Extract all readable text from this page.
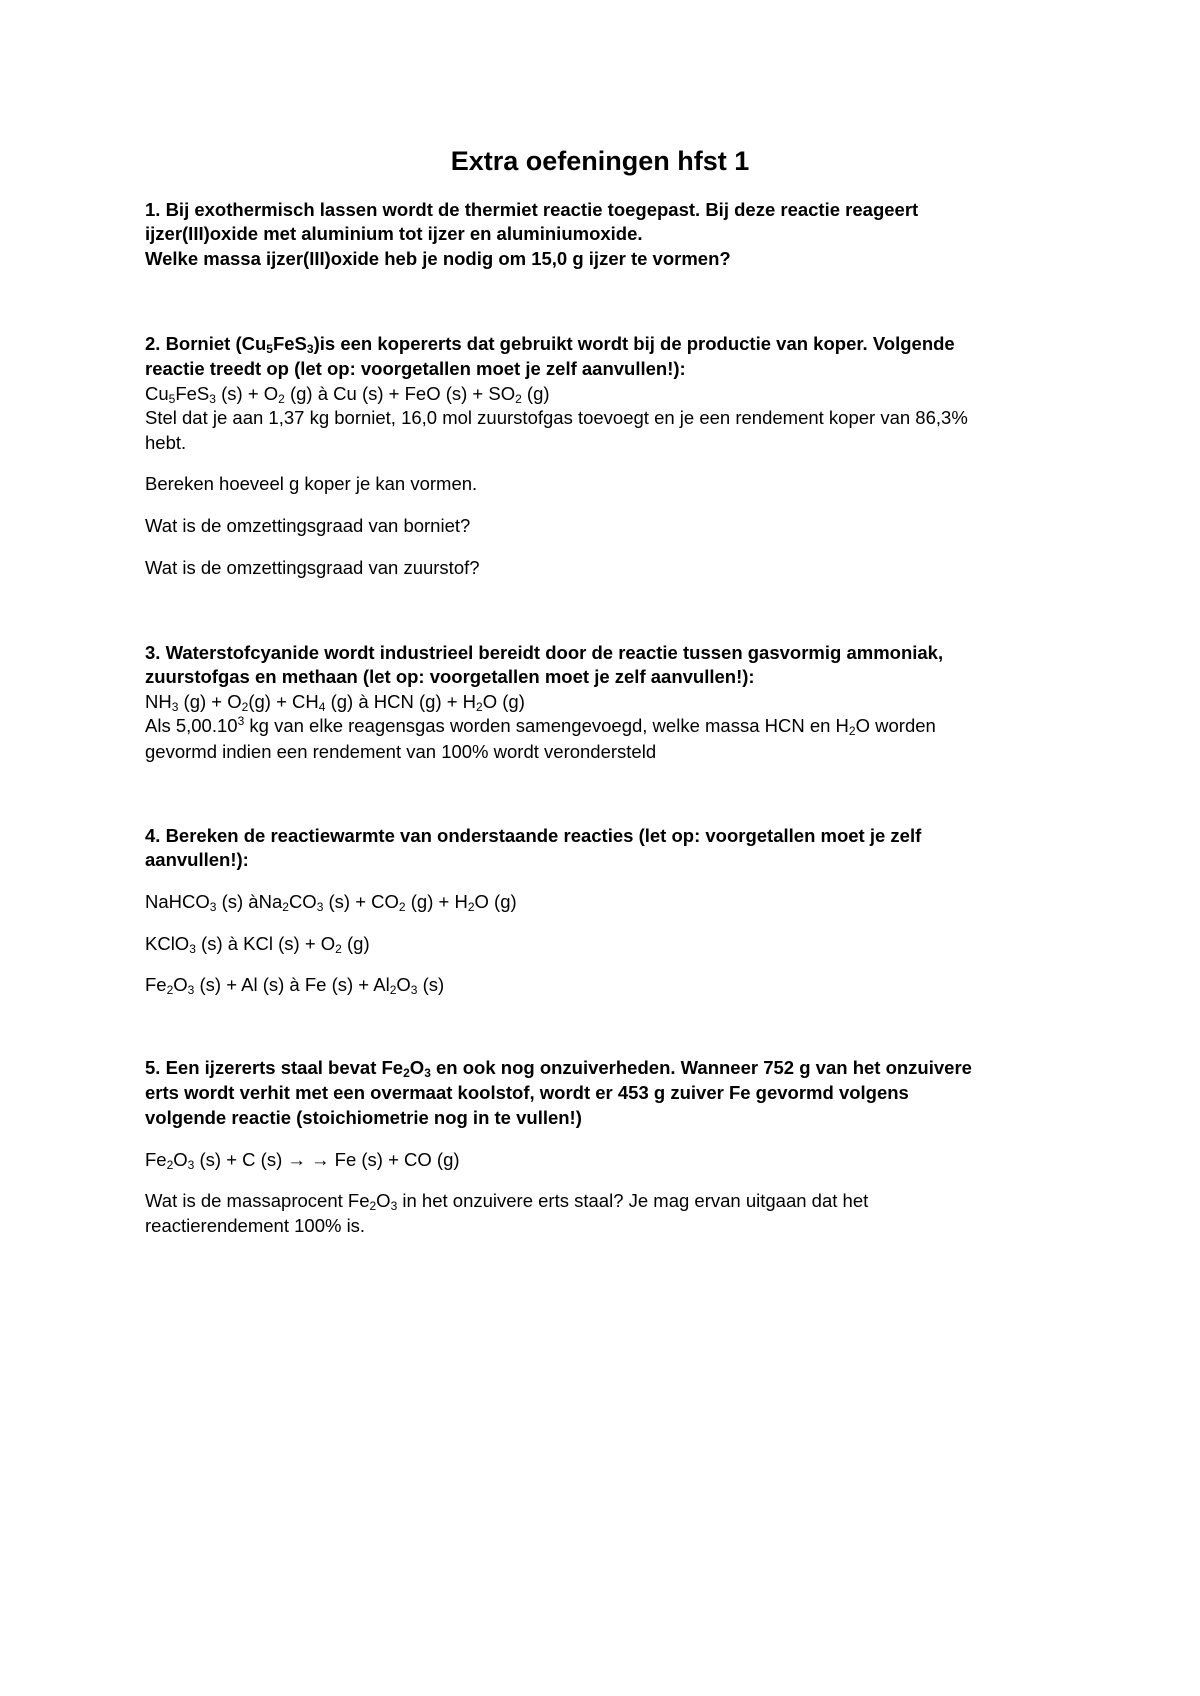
Extra oefeningen hfst 1
1. Bij exothermisch lassen wordt de thermiet reactie toegepast. Bij deze reactie reageert
ijzer(III)oxide met aluminium tot ijzer en aluminiumoxide.
Welke massa ijzer(III)oxide heb je nodig om 15,0 g ijzer te vormen?
2. Borniet $(Cu_5FeS_3)is$ een kopererts dat gebruikt wordt bij de productie van koper. Volgende
reactie treedt op (let op: voorgetallen moet je zelf aanvullen!):
$Cu_5FeS_3$ $(s) + O_2$ (g) à Cu (s) + FeO $(s) + SO_2$ (g)
Stel dat je aan 1,37 kg borniet, 16,0 mol zuurstofgas toevoegt en je een rendement koper van 86,3%
hebt.
Bereken hoeveel g koper je kan vormen.
Wat is de omzettingsgraad van borniet?
Wat is de omzettingsgraad van zuurstof?
3. Waterstofcyanide wordt industrieel bereidt door de reactie tussen gasvormig ammoniak,
zuurstofgas en methaan (let op: voorgetallen moet je zelf aanvullen!):
$NH_3$ $(g) + O_2(g) + CH_4$ (g) à HCN $(g) + H_2O$ (g)
Als 5,00.10$^3$ kg van elke reagensgas worden samengevoegd, welke massa HCN en $H_2O$ worden
gevormd indien een rendement van 100% wordt verondersteld
4. Bereken de reactiewarmte van onderstaande reacties (let op: voorgetallen moet je zelf
aanvullen!):
NaHCO$_3$ (s) $àNa_2CO_3$ $(s) + CO_2$ $(g) + H_2O$ (g)
KClO$_3$ (s) à KCl $(s) + O_2$ (g)
$Fe_2O_3$ (s) + Al (s) à Fe $(s) + Al_2O_3$ (s)
5. Een ijzererts staal bevat $Fe_2O_3$ en ook nog onzuiverheden. Wanneer 752 g van het onzuivere
erts wordt verhit met een overmaat koolstof, wordt er 453 g zuiver Fe gevormd volgens
volgende reactie (stoichiometrie nog in te vullen!)
$Fe_2O_3$ (s) + C (s) → → Fe (s) + CO (g)
Wat is de massaprocent $Fe_2O_3$ in het onzuivere erts staal? Je mag ervan uitgaan dat het
reactierendement 100% is.
